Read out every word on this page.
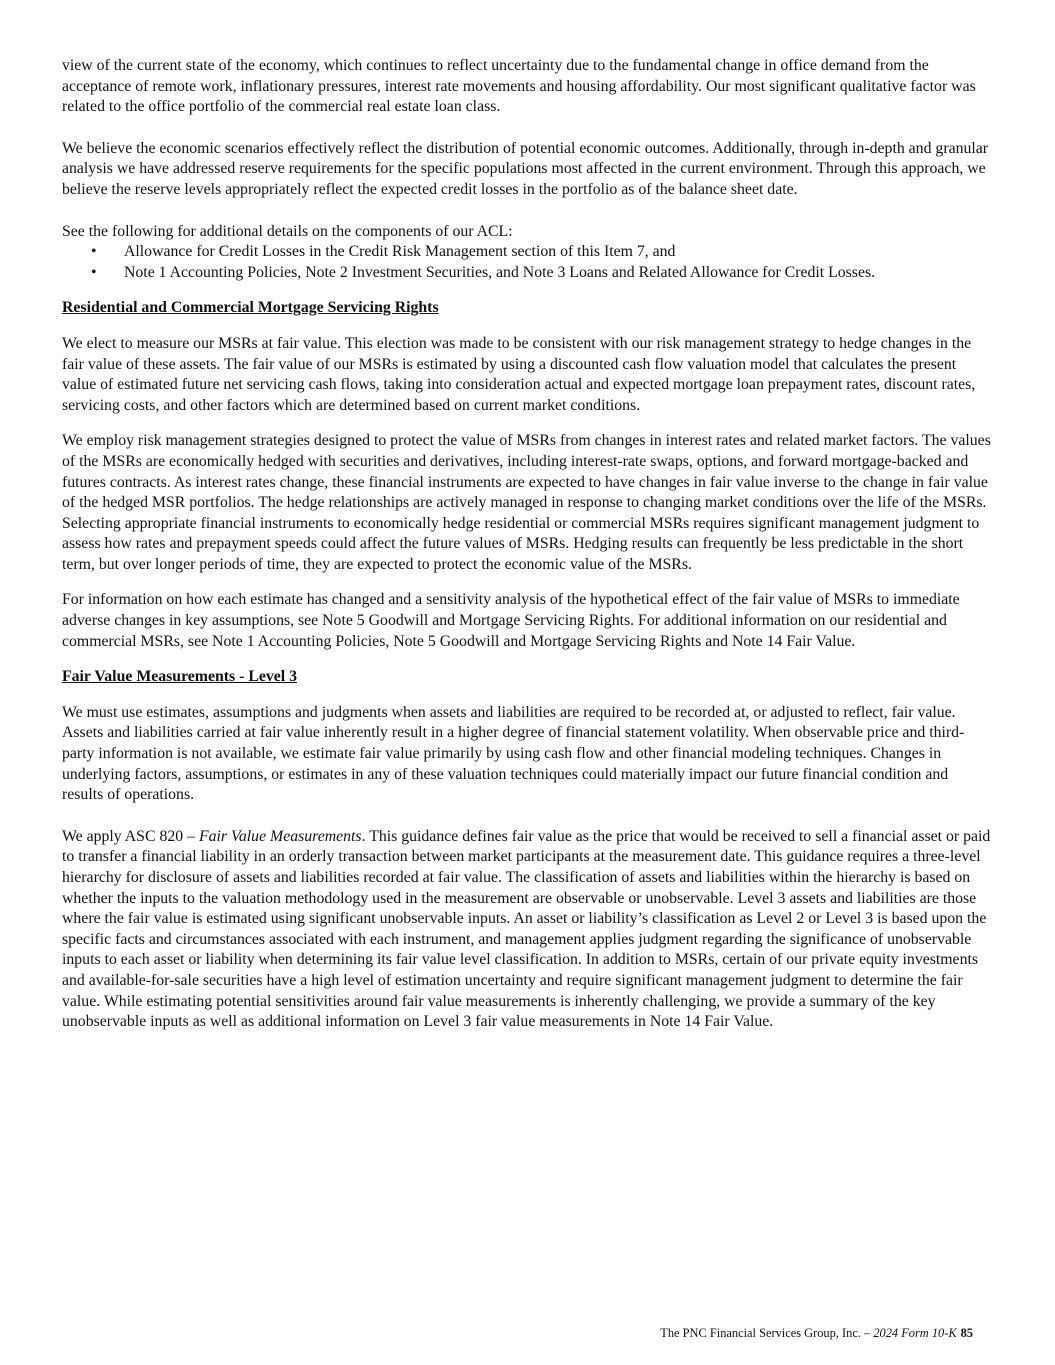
view of the current state of the economy, which continues to reflect uncertainty due to the fundamental change in office demand from the acceptance of remote work, inflationary pressures, interest rate movements and housing affordability. Our most significant qualitative factor was related to the office portfolio of the commercial real estate loan class.

We believe the economic scenarios effectively reflect the distribution of potential economic outcomes. Additionally, through in-depth and granular analysis we have addressed reserve requirements for the specific populations most affected in the current environment. Through this approach, we believe the reserve levels appropriately reflect the expected credit losses in the portfolio as of the balance sheet date.

See the following for additional details on the components of our ACL:

• Allowance for Credit Losses in the Credit Risk Management section of this Item 7, and
• Note 1 Accounting Policies, Note 2 Investment Securities, and Note 3 Loans and Related Allowance for Credit Losses.
Residential and Commercial Mortgage Servicing Rights

We elect to measure our MSRs at fair value. This election was made to be consistent with our risk management strategy to hedge changes in the fair value of these assets. The fair value of our MSRs is estimated by using a discounted cash flow valuation model that calculates the present value of estimated future net servicing cash flows, taking into consideration actual and expected mortgage loan prepayment rates, discount rates, servicing costs, and other factors which are determined based on current market conditions.

We employ risk management strategies designed to protect the value of MSRs from changes in interest rates and related market factors. The values of the MSRs are economically hedged with securities and derivatives, including interest-rate swaps, options, and forward mortgage-backed and futures contracts. As interest rates change, these financial instruments are expected to have changes in fair value inverse to the change in fair value of the hedged MSR portfolios. The hedge relationships are actively managed in response to changing market conditions over the life of the MSRs. Selecting appropriate financial instruments to economically hedge residential or commercial MSRs requires significant management judgment to assess how rates and prepayment speeds could affect the future values of MSRs. Hedging results can frequently be less predictable in the short term, but over longer periods of time, they are expected to protect the economic value of the MSRs.

For information on how each estimate has changed and a sensitivity analysis of the hypothetical effect of the fair value of MSRs to immediate adverse changes in key assumptions, see Note 5 Goodwill and Mortgage Servicing Rights. For additional information on our residential and commercial MSRs, see Note 1 Accounting Policies, Note 5 Goodwill and Mortgage Servicing Rights and Note 14 Fair Value.

Fair Value Measurements - Level 3

We must use estimates, assumptions and judgments when assets and liabilities are required to be recorded at, or adjusted to reflect, fair value. Assets and liabilities carried at fair value inherently result in a higher degree of financial statement volatility. When observable price and third-party information is not available, we estimate fair value primarily by using cash flow and other financial modeling techniques. Changes in underlying factors, assumptions, or estimates in any of these valuation techniques could materially impact our future financial condition and results of operations.

We apply ASC 820 – Fair Value Measurements. This guidance defines fair value as the price that would be received to sell a financial asset or paid to transfer a financial liability in an orderly transaction between market participants at the measurement date. This guidance requires a three-level hierarchy for disclosure of assets and liabilities recorded at fair value. The classification of assets and liabilities within the hierarchy is based on whether the inputs to the valuation methodology used in the measurement are observable or unobservable. Level 3 assets and liabilities are those where the fair value is estimated using significant unobservable inputs. An asset or liability’s classification as Level 2 or Level 3 is based upon the specific facts and circumstances associated with each instrument, and management applies judgment regarding the significance of unobservable inputs to each asset or liability when determining its fair value level classification. In addition to MSRs, certain of our private equity investments and available-for-sale securities have a high level of estimation uncertainty and require significant management judgment to determine the fair value. While estimating potential sensitivities around fair value measurements is inherently challenging, we provide a summary of the key unobservable inputs as well as additional information on Level 3 fair value measurements in Note 14 Fair Value.

The PNC Financial Services Group, Inc. – 2024 Form 10-K 85
